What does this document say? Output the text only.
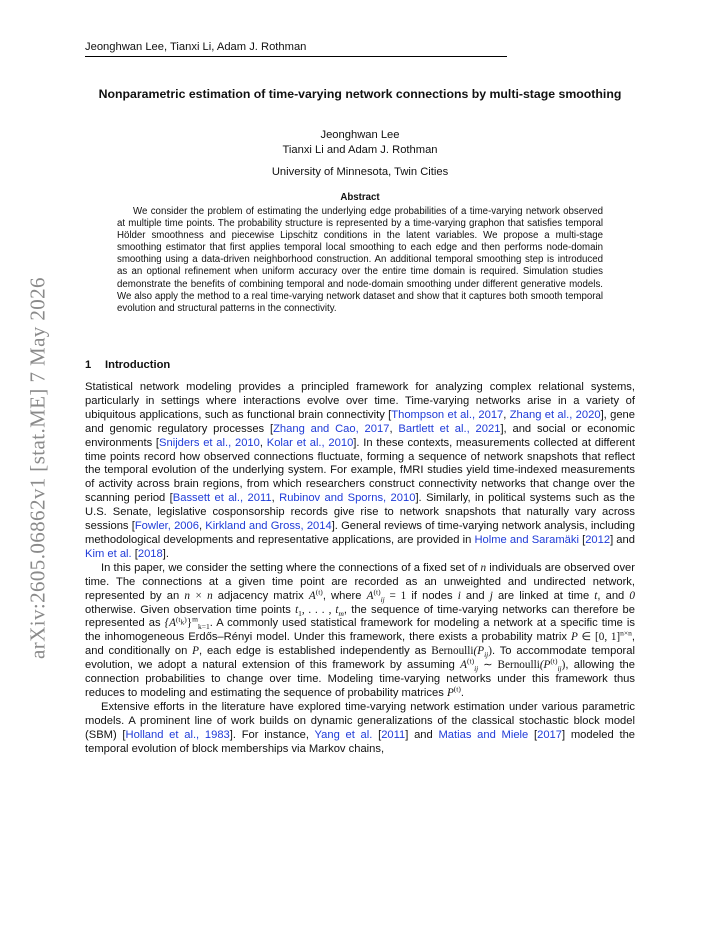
Jeonghwan Lee, Tianxi Li, Adam J. Rothman
arXiv:2605.06862v1 [stat.ME] 7 May 2026
Nonparametric estimation of time-varying network connections by multi-stage smoothing
Jeonghwan Lee
Tianxi Li and Adam J. Rothman
University of Minnesota, Twin Cities
Abstract

We consider the problem of estimating the underlying edge probabilities of a time-varying network observed at multiple time points. The probability structure is represented by a time-varying graphon that satisfies temporal Hölder smoothness and piecewise Lipschitz conditions in the latent variables. We propose a multi-stage smoothing estimator that first applies temporal local smoothing to each edge and then performs node-domain smoothing using a data-driven neighborhood construction. An additional temporal smoothing step is introduced as an optional refinement when uniform accuracy over the entire time domain is required. Simulation studies demonstrate the benefits of combining temporal and node-domain smoothing under different generative models. We also apply the method to a real time-varying network dataset and show that it captures both smooth temporal evolution and structural patterns in the connectivity.

1 Introduction

Statistical network modeling provides a principled framework for analyzing complex relational systems, particularly in settings where interactions evolve over time. Time-varying networks arise in a variety of ubiquitous applications, such as functional brain connectivity [Thompson et al., 2017, Zhang et al., 2020], gene and genomic regulatory processes [Zhang and Cao, 2017, Bartlett et al., 2021], and social or economic environments [Snijders et al., 2010, Kolar et al., 2010]. In these contexts, measurements collected at different time points record how observed connections fluctuate, forming a sequence of network snapshots that reflect the temporal evolution of the underlying system. For example, fMRI studies yield time-indexed measurements of activity across brain regions, from which researchers construct connectivity networks that change over the scanning period [Bassett et al., 2011, Rubinov and Sporns, 2010]. Similarly, in political systems such as the U.S. Senate, legislative cosponsorship records give rise to network snapshots that naturally vary across sessions [Fowler, 2006, Kirkland and Gross, 2014]. General reviews of time-varying network analysis, including methodological developments and representative applications, are provided in Holme and Saramäki [2012] and Kim et al. [2018].

In this paper, we consider the setting where the connections of a fixed set of n individuals are observed over time. The connections at a given time point are recorded as an unweighted and undirected network, represented by an n × n adjacency matrix $A^{(t)}$, where $A^{(t)}_{ij} = 1$ if nodes i and j are linked at time t, and 0 otherwise. Given observation time points $t_1$, . . . , $t_m$, the sequence of time-varying networks can therefore be represented as $\{A^{(t_k)}\}^m_{k=1}$. A commonly used statistical framework for modeling a network at a specific time is the inhomogeneous Erdős–Rényi model. Under this framework, there exists a probability matrix P ∈ [0, 1]$^{n\times n}$, and conditionally on P, each edge is established independently as $Bernoulli(P_{ij})$. To accommodate temporal evolution, we adopt a natural extension of this framework by assuming $A^{(t)}_{ij}$ ∼ $Bernoulli(P^{(t)}_{ij})$, allowing the connection probabilities to change over time. Modeling time-varying networks under this framework thus reduces to modeling and estimating the sequence of probability matrices $P^{(t)}$.

Extensive efforts in the literature have explored time-varying network estimation under various parametric models. A prominent line of work builds on dynamic generalizations of the classical stochastic block model (SBM) [Holland et al., 1983]. For instance, Yang et al. [2011] and Matias and Miele [2017] modeled the temporal evolution of block memberships via Markov chains,
